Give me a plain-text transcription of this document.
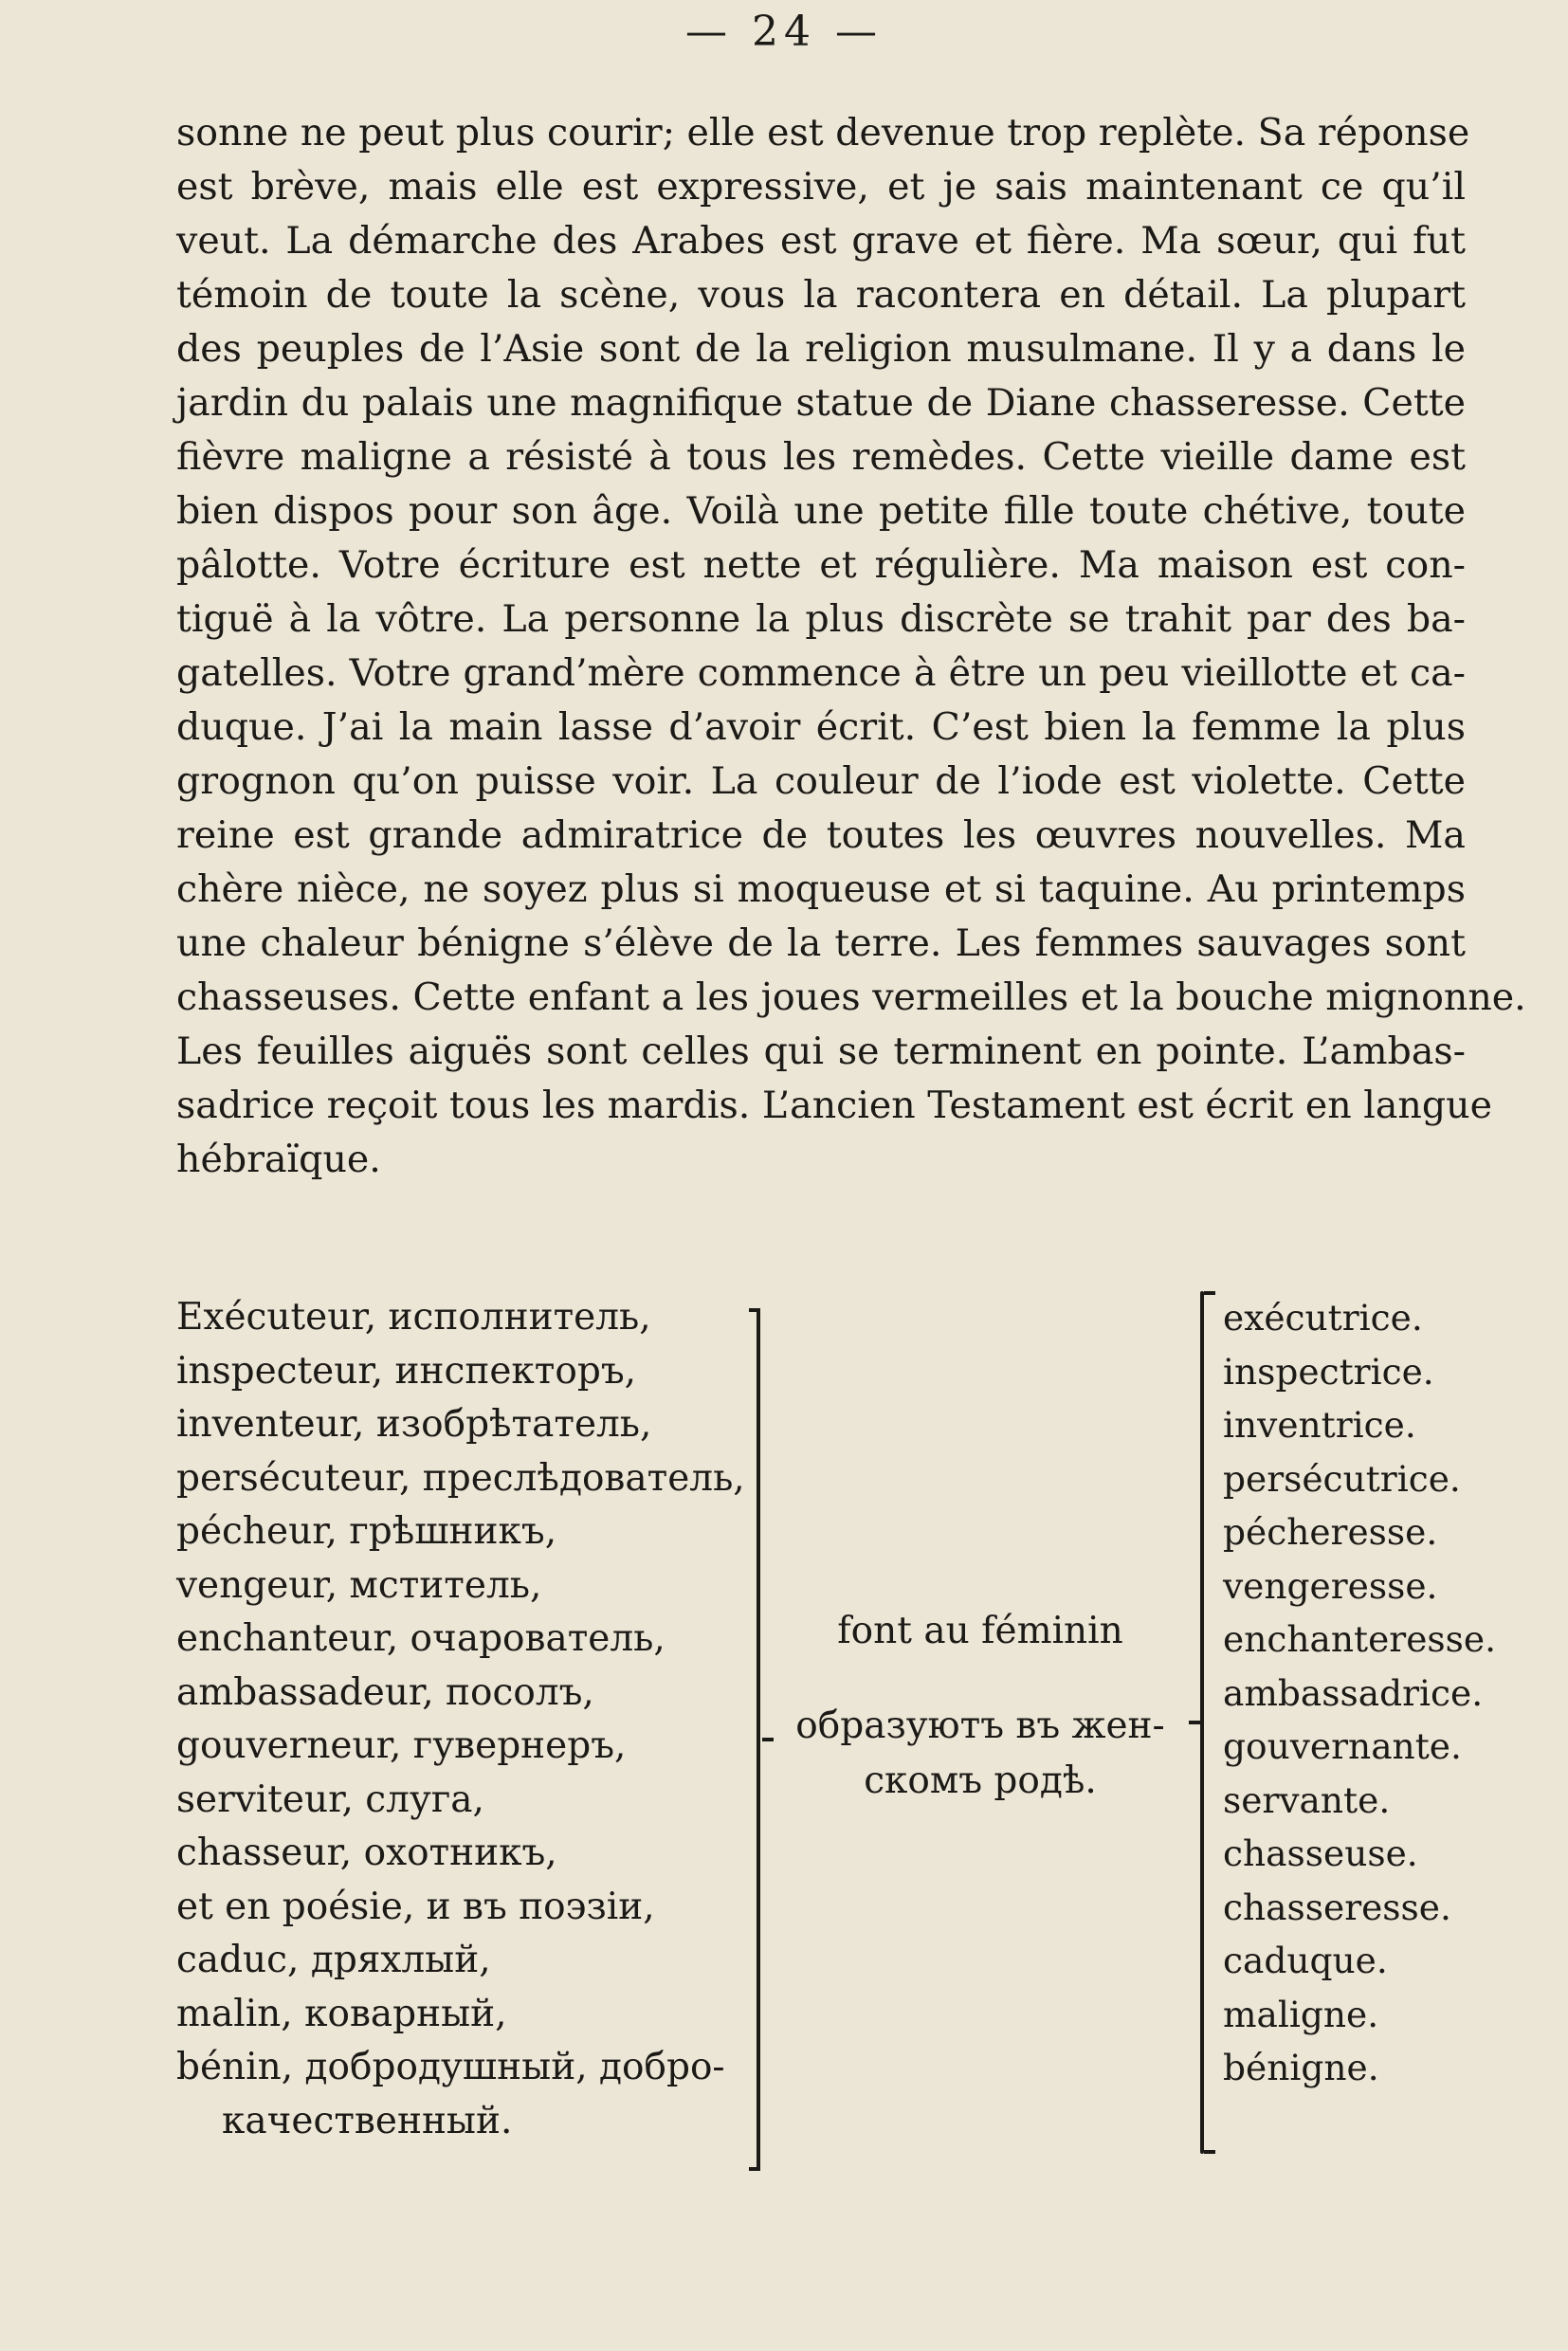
— 24 —
sonne ne peut plus courir; elle est devenue trop replète. Sa réponse
est brève, mais elle est expressive, et je sais maintenant ce qu’il
veut. La démarche des Arabes est grave et fière. Ma sœur, qui fut
témoin de toute la scène, vous la racontera en détail. La plupart
des peuples de l’Asie sont de la religion musulmane. Il y a dans le
jardin du palais une magnifique statue de Diane chasseresse. Cette
fièvre maligne a résisté à tous les remèdes. Cette vieille dame est
bien dispos pour son âge. Voilà une petite fille toute chétive, toute
pâlotte. Votre écriture est nette et régulière. Ma maison est con-
tiguë à la vôtre. La personne la plus discrète se trahit par des ba-
gatelles. Votre grand’mère commence à être un peu vieillotte et ca-
duque. J’ai la main lasse d’avoir écrit. C’est bien la femme la plus
grognon qu’on puisse voir. La couleur de l’iode est violette. Cette
reine est grande admiratrice de toutes les œuvres nouvelles. Ma
chère nièce, ne soyez plus si moqueuse et si taquine. Au printemps
une chaleur bénigne s’élève de la terre. Les femmes sauvages sont
chasseuses. Cette enfant a les joues vermeilles et la bouche mignonne.
Les feuilles aiguës sont celles qui se terminent en pointe. L’ambas-
sadrice reçoit tous les mardis. L’ancien Testament est écrit en langue
hébraïque.
Exécuteur, исполнитель,
inspecteur, инспекторъ,
inventeur, изобрѣтатель,
persécuteur, преслѣдователь,
pécheur, грѣшникъ,
vengeur, мститель,
enchanteur, очарователь,
ambassadeur, посолъ,
gouverneur, гувернеръ,
serviteur, слуга,
chasseur, охотникъ,
et en poésie, и въ поэзіи,
caduc, дряхлый,
malin, коварный,
bénin, добродушный, добро-
качественный.
font au féminin
образуютъ въ жен-
скомъ родѣ.
exécutrice.
inspectrice.
inventrice.
persécutrice.
pécheresse.
vengeresse.
enchanteresse.
ambassadrice.
gouvernante.
servante.
chasseuse.
chasseresse.
caduque.
maligne.
bénigne.
